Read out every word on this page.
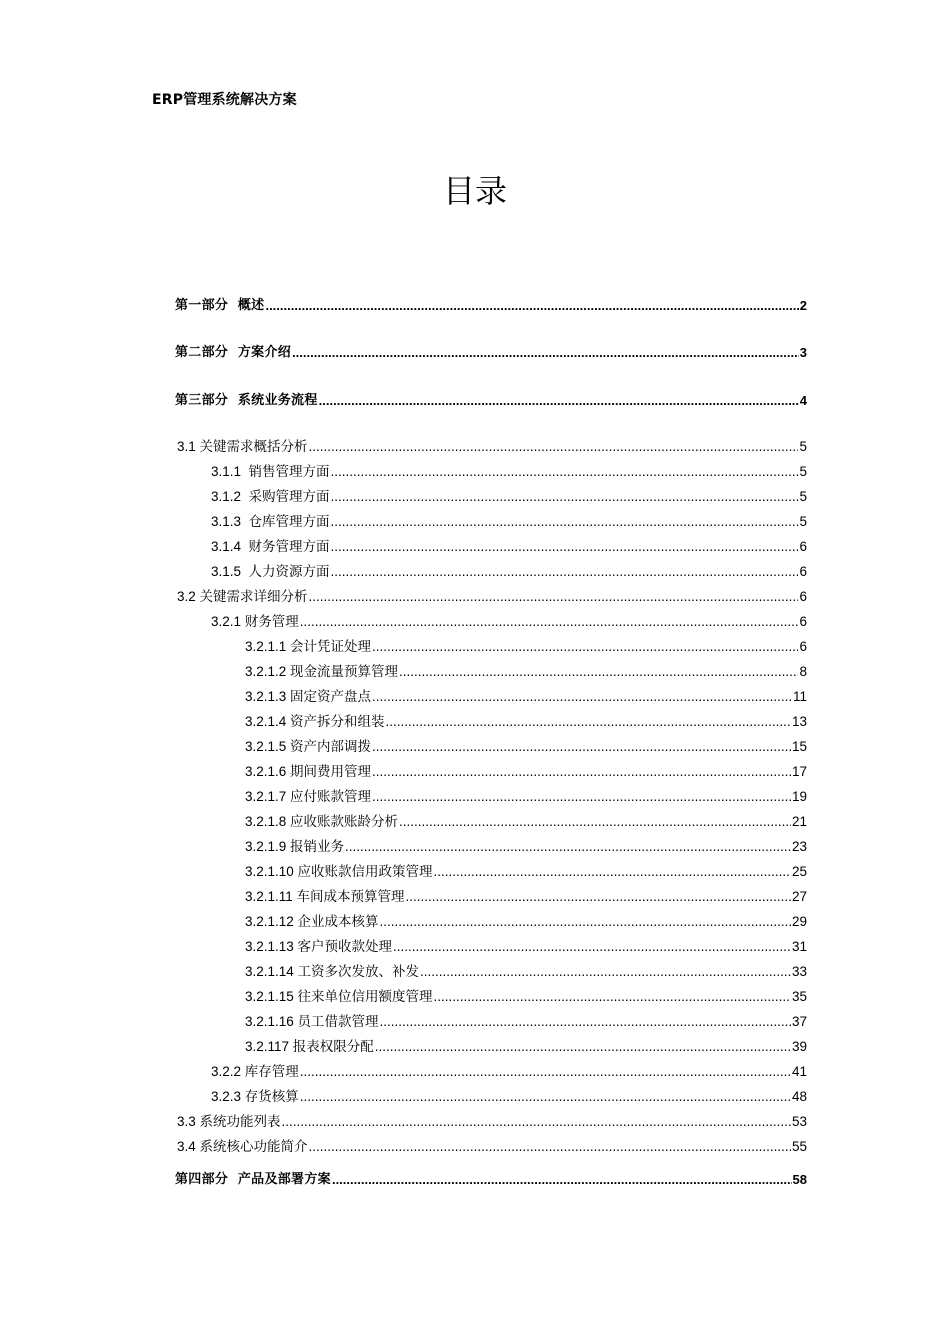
ERP管理系统解决方案
目录
第一部分  概述 .....	2
第二部分  方案介绍 .....	3
第三部分  系统业务流程 .....	4
3.1 关键需求概括分析 .....	5
3.1.1  销售管理方面 .....	5
3.1.2  采购管理方面 .....	5
3.1.3  仓库管理方面 .....	5
3.1.4  财务管理方面 .....	6
3.1.5  人力资源方面 .....	6
3.2 关键需求详细分析 .....	6
3.2.1 财务管理 .....	6
3.2.1.1 会计凭证处理 .....	6
3.2.1.2 现金流量预算管理 .....	8
3.2.1.3 固定资产盘点 .....	11
3.2.1.4 资产拆分和组装 .....	13
3.2.1.5 资产内部调拨 .....	15
3.2.1.6 期间费用管理 .....	17
3.2.1.7 应付账款管理 .....	19
3.2.1.8 应收账款账龄分析 .....	21
3.2.1.9 报销业务 .....	23
3.2.1.10 应收账款信用政策管理 .....	25
3.2.1.11 车间成本预算管理 .....	27
3.2.1.12 企业成本核算 .....	29
3.2.1.13 客户预收款处理 .....	31
3.2.1.14 工资多次发放、补发 .....	33
3.2.1.15 往来单位信用额度管理 .....	35
3.2.1.16 员工借款管理 .....	37
3.2.117 报表权限分配 .....	39
3.2.2 库存管理 .....	41
3.2.3 存货核算 .....	48
3.3 系统功能列表 .....	53
3.4 系统核心功能简介 .....	55
第四部分  产品及部署方案 .....	58
